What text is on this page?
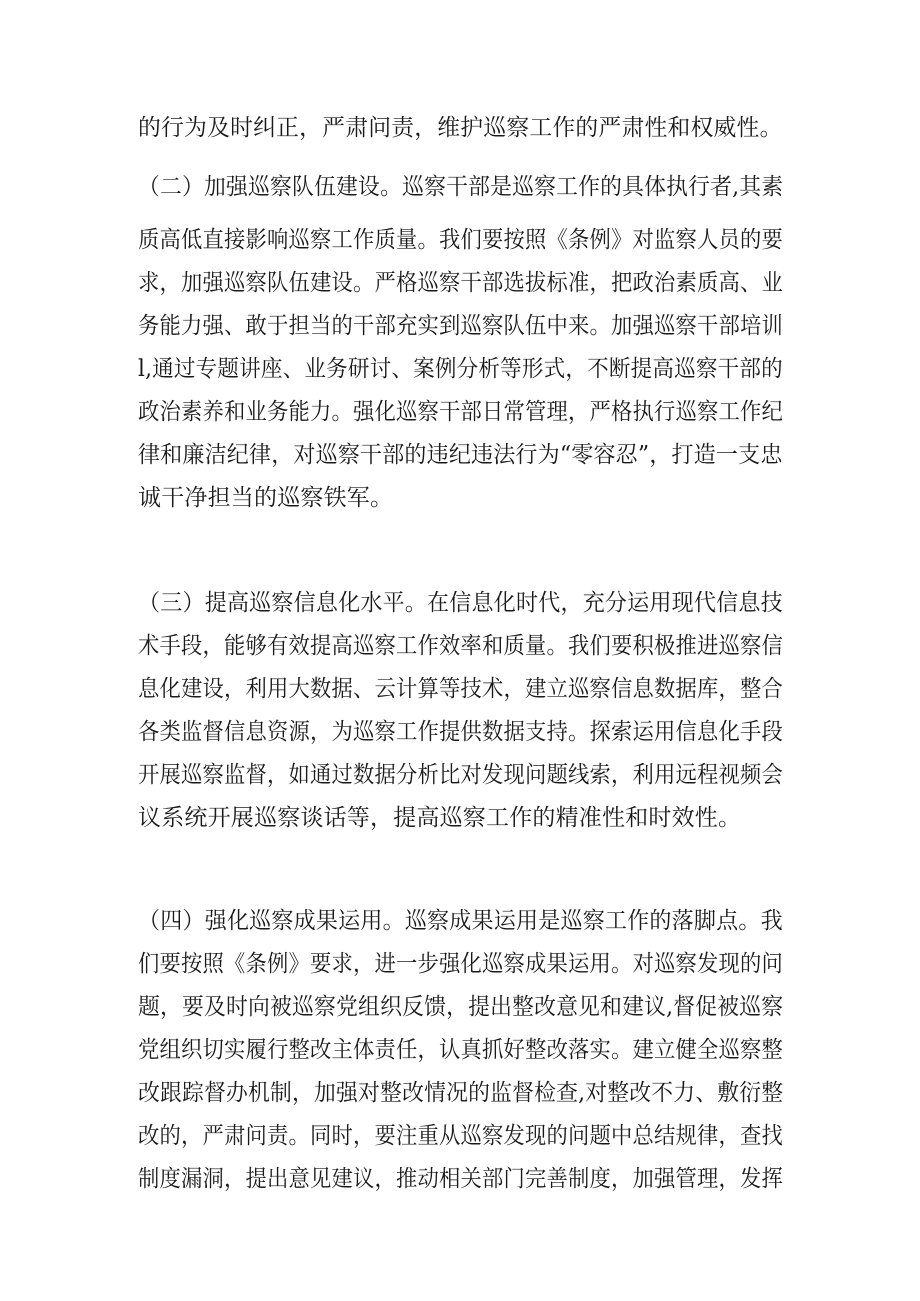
的行为及时纠正，严肃问责，维护巡察工作的严肃性和权威性。
（二）加强巡察队伍建设。巡察干部是巡察工作的具体执行者,其素
质高低直接影响巡察工作质量。我们要按照《条例》对监察人员的要
求，加强巡察队伍建设。严格巡察干部选拔标准，把政治素质高、业
务能力强、敢于担当的干部充实到巡察队伍中来。加强巡察干部培训
l,通过专题讲座、业务研讨、案例分析等形式，不断提高巡察干部的
政治素养和业务能力。强化巡察干部日常管理，严格执行巡察工作纪
律和廉洁纪律，对巡察干部的违纪违法行为“零容忍”，打造一支忠
诚干净担当的巡察铁军。
（三）提高巡察信息化水平。在信息化时代，充分运用现代信息技
术手段，能够有效提高巡察工作效率和质量。我们要积极推进巡察信
息化建设，利用大数据、云计算等技术，建立巡察信息数据库，整合
各类监督信息资源，为巡察工作提供数据支持。探索运用信息化手段
开展巡察监督，如通过数据分析比对发现问题线索，利用远程视频会
议系统开展巡察谈话等，提高巡察工作的精准性和时效性。
（四）强化巡察成果运用。巡察成果运用是巡察工作的落脚点。我
们要按照《条例》要求，进一步强化巡察成果运用。对巡察发现的问
题，要及时向被巡察党组织反馈，提出整改意见和建议,督促被巡察
党组织切实履行整改主体责任，认真抓好整改落实。建立健全巡察整
改跟踪督办机制，加强对整改情况的监督检查,对整改不力、敷衍整
改的，严肃问责。同时，要注重从巡察发现的问题中总结规律，查找
制度漏洞，提出意见建议，推动相关部门完善制度，加强管理，发挥
